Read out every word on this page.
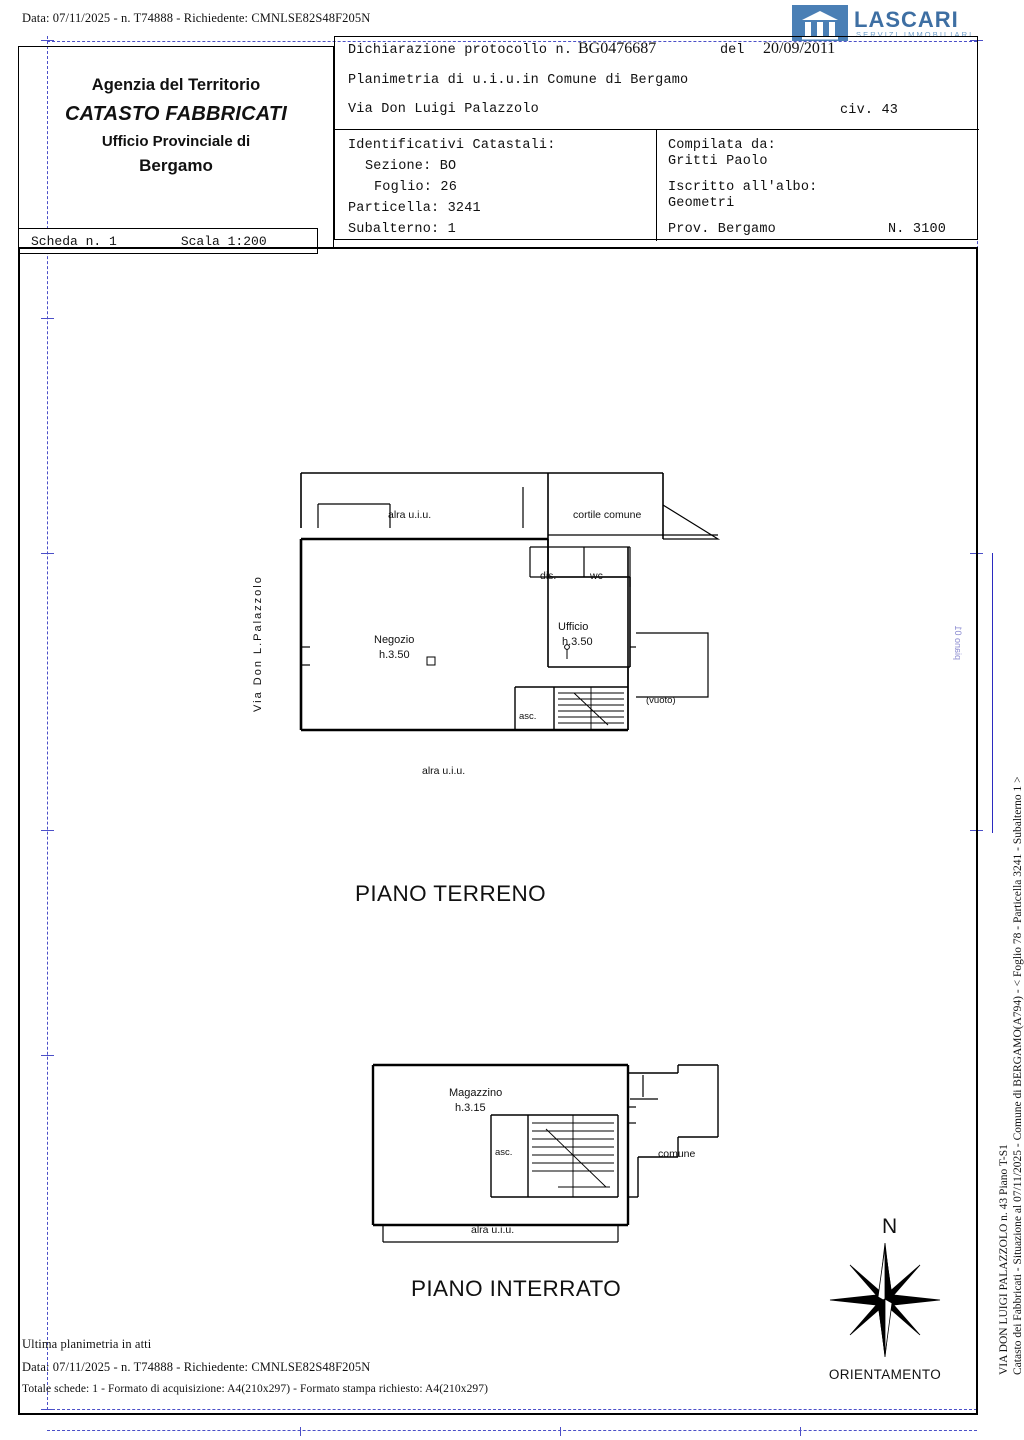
Data: 07/11/2025 - n. T74888 - Richiedente: CMNLSE82S48F205N	LASCARI
SERVIZI IMMOBILIARI
Agenzia del Territorio
CATASTO FABBRICATI
Ufficio Provinciale di
Bergamo
Scheda n. 1	Scala 1:200
Dichiarazione protocollo n. BG0476687	del 20/09/2011
Planimetria di u.i.u.in Comune di Bergamo
Via Don Luigi Palazzolo	civ. 43
Identificativi Catastali:
Sezione: BO
Foglio: 26
Particella: 3241
Subalterno: 1
Compilata da:
Gritti Paolo
Iscritto all'albo:
Geometri
Prov. Bergamo	N. 3100
alra u.i.u.	cortile comune
dis.	wc
Negozio
h.3.50
Ufficio
h.3.50
asc.
(vuoto)
alra u.i.u.
Via Don L.Palazzolo
PIANO TERRENO
Magazzino
h.3.15
asc.	comune
alra u.i.u.
PIANO INTERRATO
N
ORIENTAMENTO
piano 01
Catasto dei Fabbricati - Situazione al 07/11/2025 - Comune di BERGAMO(A794) - < Foglio 78 - Particella 3241 - Subalterno 1 >
VIA DON LUIGI PALAZZOLO n. 43 Piano T-S1
Ultima planimetria in atti
Data: 07/11/2025 - n. T74888 - Richiedente: CMNLSE82S48F205N
Totale schede: 1 - Formato di acquisizione: A4(210x297) - Formato stampa richiesto: A4(210x297)
